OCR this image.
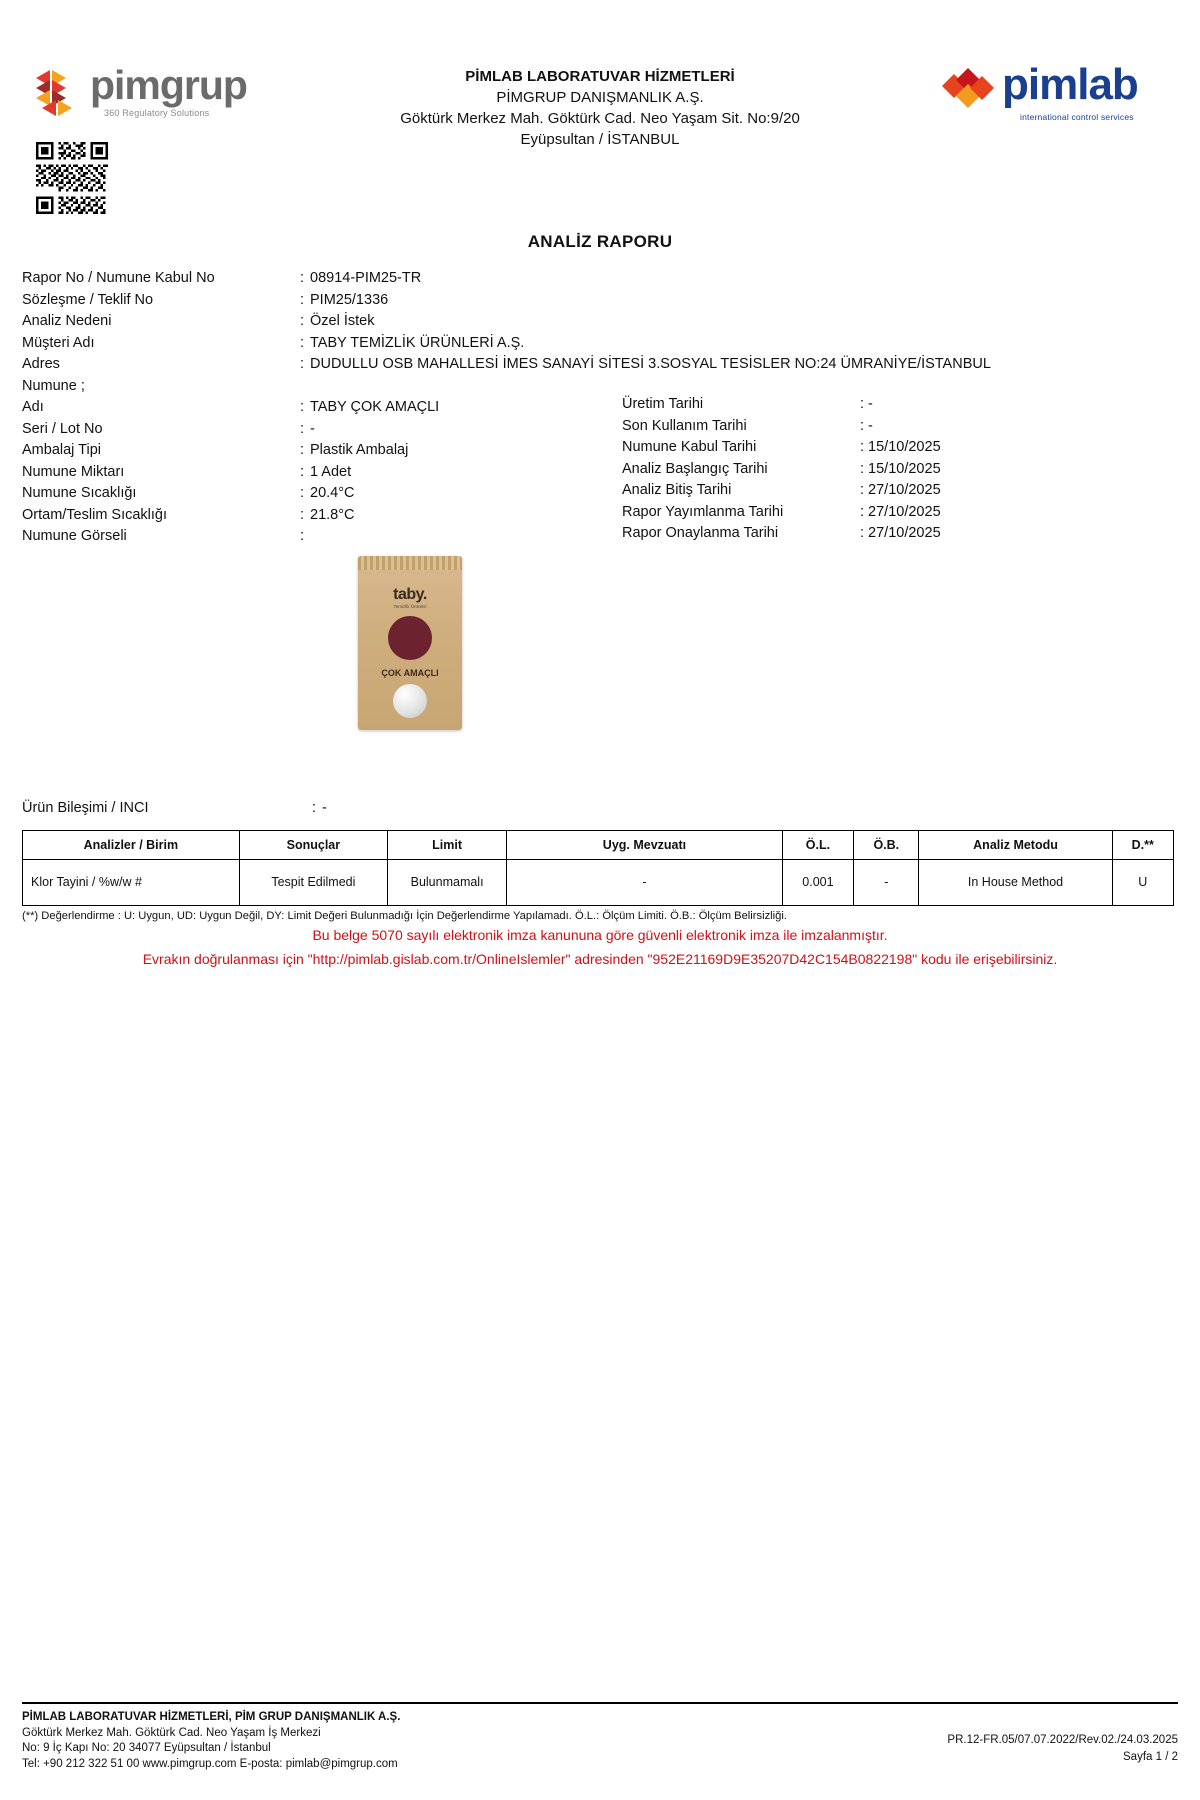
pimgrup
360 Regulatory Solutions
PİMLAB LABORATUVAR HİZMETLERİ
PİMGRUP DANIŞMANLIK A.Ş.
Göktürk Merkez Mah. Göktürk Cad. Neo Yaşam Sit. No:9/20
Eyüpsultan / İSTANBUL
pimlab
international control services
ANALİZ RAPORU
Rapor No / Numune Kabul No	: 08914-PIM25-TR
Sözleşme / Teklif No	: PIM25/1336
Analiz Nedeni	: Özel İstek
Müşteri Adı	: TABY TEMİZLİK ÜRÜNLERİ A.Ş.
Adres	: DUDULLU OSB MAHALLESİ İMES SANAYİ SİTESİ 3.SOSYAL TESİSLER NO:24 ÜMRANİYE/İSTANBUL
Numune ;
Adı	: TABY ÇOK AMAÇLI
Seri / Lot No	: -
Ambalaj Tipi	: Plastik Ambalaj
Numune Miktarı	: 1 Adet
Numune Sıcaklığı	: 20.4°C
Ortam/Teslim Sıcaklığı	: 21.8°C
Numune Görseli	:
Üretim Tarihi	: -
Son Kullanım Tarihi	: -
Numune Kabul Tarihi	: 15/10/2025
Analiz Başlangıç Tarihi	: 15/10/2025
Analiz Bitiş Tarihi	: 27/10/2025
Rapor Yayımlanma Tarihi	: 27/10/2025
Rapor Onaylanma Tarihi	: 27/10/2025
taby.
Temizlik Ürünleri
ÇOK AMAÇLI
Ürün Bileşimi / INCI	: -
Analizler / Birim	Sonuçlar	Limit	Uyg. Mevzuatı	Ö.L.	Ö.B.	Analiz Metodu	D.**
Klor Tayini / %w/w #	Tespit Edilmedi	Bulunmamalı	-	0.001	-	In House Method	U
(**) Değerlendirme : U: Uygun, UD: Uygun Değil, DY: Limit Değeri Bulunmadığı İçin Değerlendirme Yapılamadı. Ö.L.: Ölçüm Limiti. Ö.B.: Ölçüm Belirsizliği.
Bu belge 5070 sayılı elektronik imza kanununa göre güvenli elektronik imza ile imzalanmıştır.
Evrakın doğrulanması için "http://pimlab.gislab.com.tr/OnlineIslemler" adresinden "952E21169D9E35207D42C154B0822198" kodu ile erişebilirsiniz.
PİMLAB LABORATUVAR HİZMETLERİ, PİM GRUP DANIŞMANLIK A.Ş.
Göktürk Merkez Mah. Göktürk Cad. Neo Yaşam İş Merkezi
No: 9 İç Kapı No: 20 34077 Eyüpsultan / İstanbul
Tel: +90 212 322 51 00 www.pimgrup.com E-posta: pimlab@pimgrup.com
PR.12-FR.05/07.07.2022/Rev.02./24.03.2025
Sayfa 1 / 2
